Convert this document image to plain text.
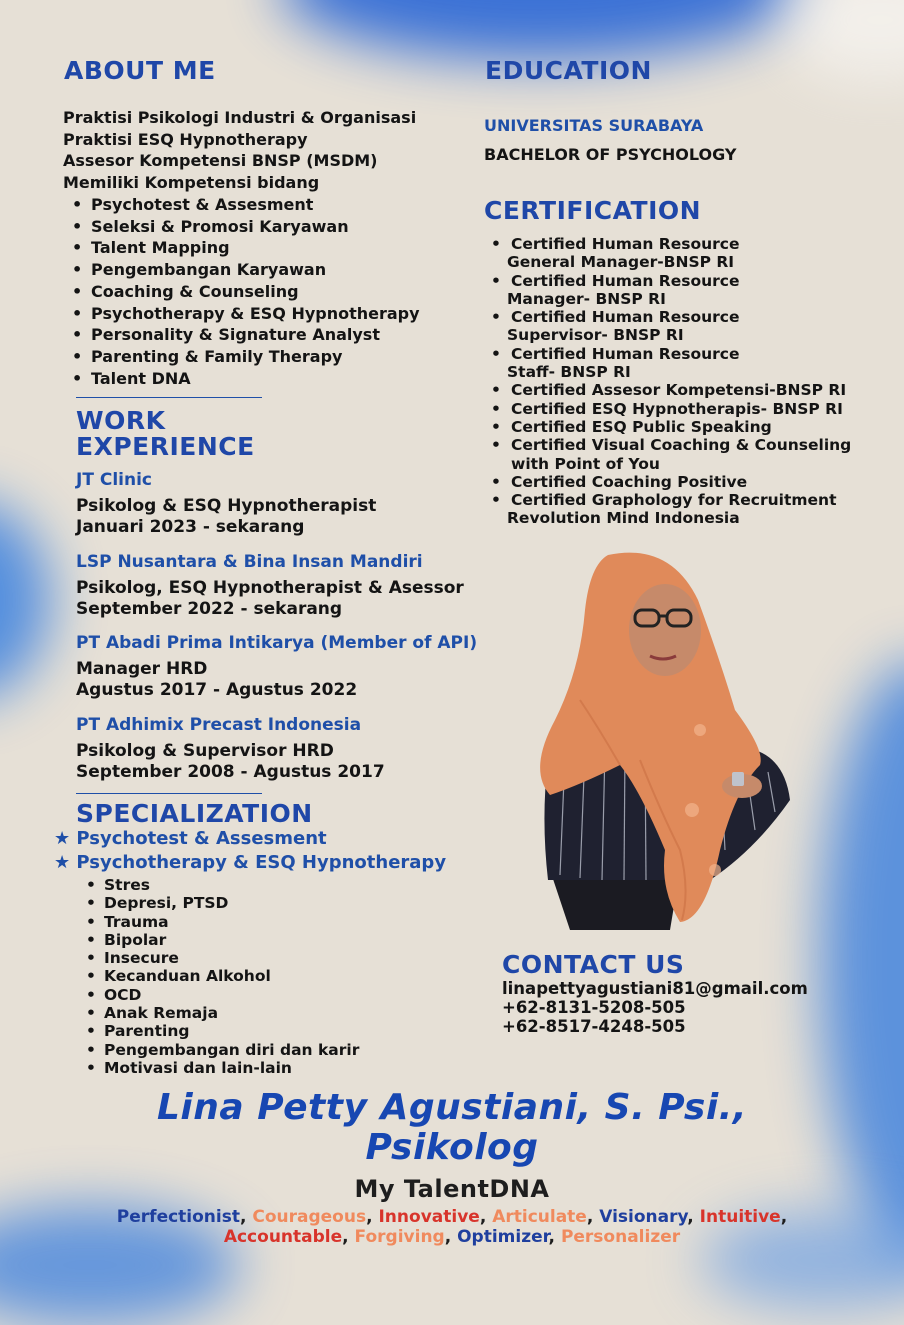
ABOUT ME

Praktisi Psikologi Industri & Organisasi

Praktisi ESQ Hypnotherapy

Assesor Kompetensi BNSP (MSDM)

Memiliki Kompetensi bidang

• Psychotest & Assesment
• Seleksi & Promosi Karyawan
• Talent Mapping
• Pengembangan Karyawan
• Coaching & Counseling
• Psychotherapy & ESQ Hypnotherapy
• Personality & Signature Analyst
• Parenting & Family Therapy
• Talent DNA
WORK
EXPERIENCE
JT Clinic
Psikolog & ESQ Hypnotherapist
Januari 2023 - sekarang
LSP Nusantara & Bina Insan Mandiri
Psikolog, ESQ Hypnotherapist & Asessor
September 2022 - sekarang
PT Abadi Prima Intikarya (Member of API)
Manager HRD
Agustus 2017 - Agustus 2022
PT Adhimix Precast Indonesia
Psikolog & Supervisor HRD
September 2008 - Agustus 2017
SPECIALIZATION
★ Psychotest & Assesment
★ Psychotherapy & ESQ Hypnotherapy
• Stres
• Depresi, PTSD
• Trauma
• Bipolar
• Insecure
• Kecanduan Alkohol
• OCD
• Anak Remaja
• Parenting
• Pengembangan diri dan karir
• Motivasi dan lain-lain
EDUCATION
UNIVERSITAS SURABAYA
BACHELOR OF PSYCHOLOGY
CERTIFICATION
• Certified Human Resource
General Manager-BNSP RI
• Certified Human Resource
Manager- BNSP RI
• Certified Human Resource
Supervisor- BNSP RI
• Certified Human Resource
Staff- BNSP RI
• Certified Assesor Kompetensi-BNSP RI
• Certified ESQ Hypnotherapis- BNSP RI
• Certified ESQ Public Speaking
• Certified Visual Coaching & Counseling
with Point of You
• Certified Coaching Positive
• Certified Graphology for Recruitment
Revolution Mind Indonesia
CONTACT US
linapettyagustiani81@gmail.com
+62-8131-5208-505
+62-8517-4248-505
Lina Petty Agustiani, S. Psi.,
Psikolog
My TalentDNA
Perfectionist, Courageous, Innovative, Articulate, Visionary, Intuitive,
Accountable, Forgiving, Optimizer, Personalizer
